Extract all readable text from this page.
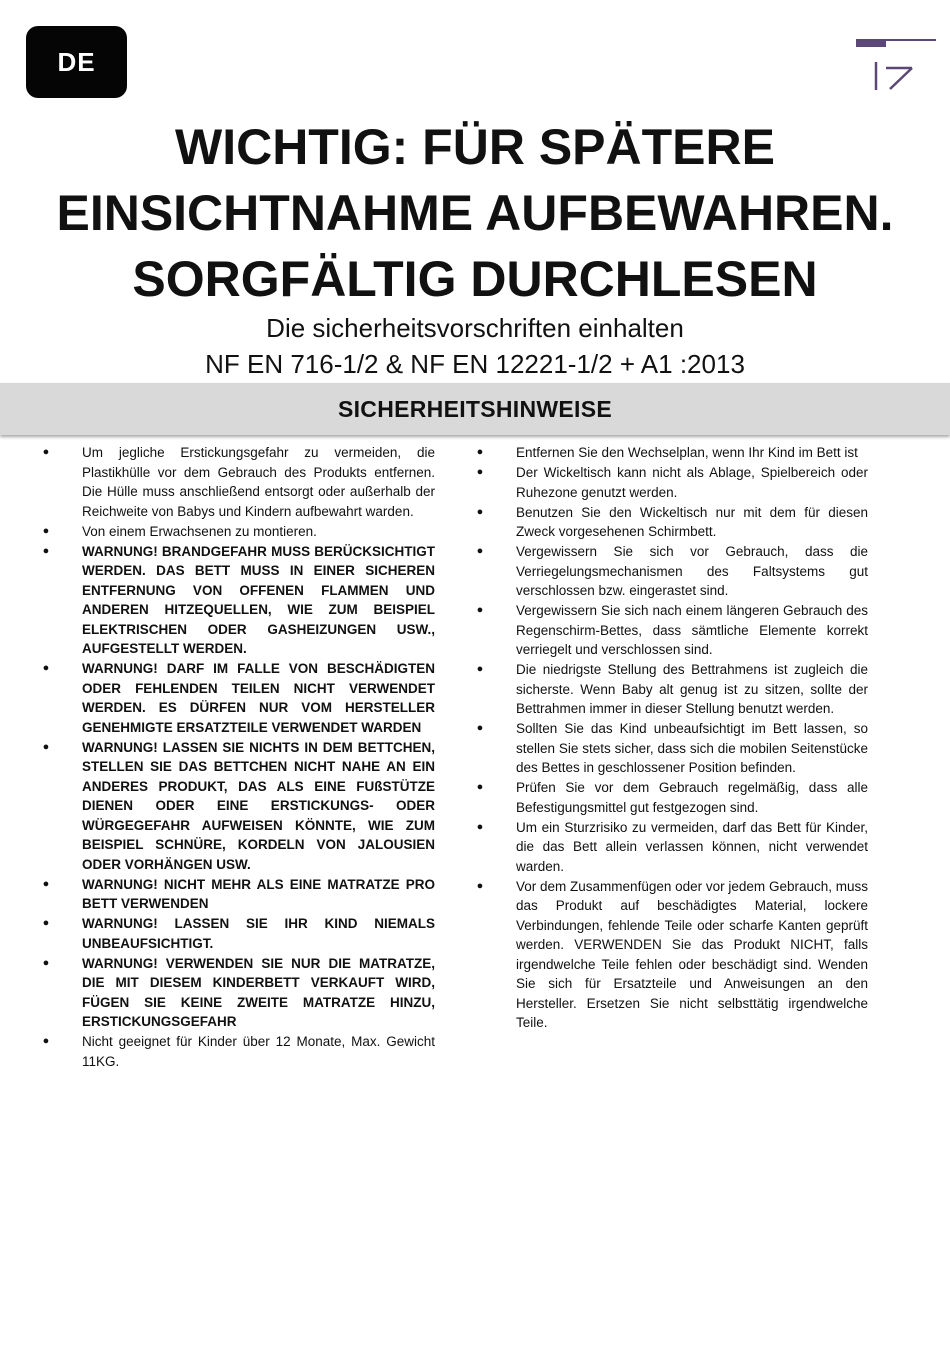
DE
WICHTIG: FÜR SPÄTERE
EINSICHTNAHME AUFBEWAHREN.
SORGFÄLTIG DURCHLESEN
Die sicherheitsvorschriften einhalten
NF EN 716-1/2 & NF EN 12221-1/2 + A1 :2013
SICHERHEITSHINWEISE
●	Um jegliche Erstickungsgefahr zu vermeiden, die Plastikhülle vor dem Gebrauch des Produkts entfernen. Die Hülle muss anschließend entsorgt oder außerhalb der Reichweite von Babys und Kindern aufbewahrt warden.
●	Von einem Erwachsenen zu montieren.
●	WARNUNG! BRANDGEFAHR MUSS BERÜCKSICHTIGT WERDEN. DAS BETT MUSS IN EINER SICHEREN ENTFERNUNG VON OFFENEN FLAMMEN UND ANDEREN HITZEQUELLEN, WIE ZUM BEISPIEL ELEKTRISCHEN ODER GASHEIZUNGEN USW., AUFGESTELLT WERDEN.
●	WARNUNG! DARF IM FALLE VON BESCHÄDIGTEN ODER FEHLENDEN TEILEN NICHT VERWENDET WERDEN. ES DÜRFEN NUR VOM HERSTELLER GENEHMIGTE ERSATZTEILE VERWENDET WARDEN
●	WARNUNG! LASSEN SIE NICHTS IN DEM BETTCHEN, STELLEN SIE DAS BETTCHEN NICHT NAHE AN EIN ANDERES PRODUKT, DAS ALS EINE FUßSTÜTZE DIENEN ODER EINE ERSTICKUNGS- ODER WÜRGEGEFAHR AUFWEISEN KÖNNTE, WIE ZUM BEISPIEL SCHNÜRE, KORDELN VON JALOUSIEN ODER VORHÄNGEN USW.
●	WARNUNG! NICHT MEHR ALS EINE MATRATZE PRO BETT VERWENDEN
●	WARNUNG! LASSEN SIE IHR KIND NIEMALS UNBEAUFSICHTIGT.
●	WARNUNG! VERWENDEN SIE NUR DIE MATRATZE, DIE MIT DIESEM KINDERBETT VERKAUFT WIRD, FÜGEN SIE KEINE ZWEITE MATRATZE HINZU, ERSTICKUNGSGEFAHR
●	Nicht geeignet für Kinder über 12 Monate, Max. Gewicht 11KG.
●	Entfernen Sie den Wechselplan, wenn Ihr Kind im Bett ist
●	Der Wickeltisch kann nicht als Ablage, Spielbereich oder Ruhezone genutzt werden.
●	Benutzen Sie den Wickeltisch nur mit dem für diesen Zweck vorgesehenen Schirmbett.
●	Vergewissern Sie sich vor Gebrauch, dass die Verriegelungsmechanismen des Faltsystems gut verschlossen bzw. eingerastet sind.
●	Vergewissern Sie sich nach einem längeren Gebrauch des Regenschirm-Bettes, dass sämtliche Elemente korrekt verriegelt und verschlossen sind.
●	Die niedrigste Stellung des Bettrahmens ist zugleich die sicherste. Wenn Baby alt genug ist zu sitzen, sollte der Bettrahmen immer in dieser Stellung benutzt werden.
●	Sollten Sie das Kind unbeaufsichtigt im Bett lassen, so stellen Sie stets sicher, dass sich die mobilen Seitenstücke des Bettes in geschlossener Position befinden.
●	Prüfen Sie vor dem Gebrauch regelmäßig, dass alle Befestigungsmittel gut festgezogen sind.
●	Um ein Sturzrisiko zu vermeiden, darf das Bett für Kinder, die das Bett allein verlassen können, nicht verwendet warden.
●	Vor dem Zusammenfügen oder vor jedem Gebrauch, muss das Produkt auf beschädigtes Material, lockere Verbindungen, fehlende Teile oder scharfe Kanten geprüft werden. VERWENDEN Sie das Produkt NICHT, falls irgendwelche Teile fehlen oder beschädigt sind. Wenden Sie sich für Ersatzteile und Anweisungen an den Hersteller. Ersetzen Sie nicht selbsttätig irgendwelche Teile.
